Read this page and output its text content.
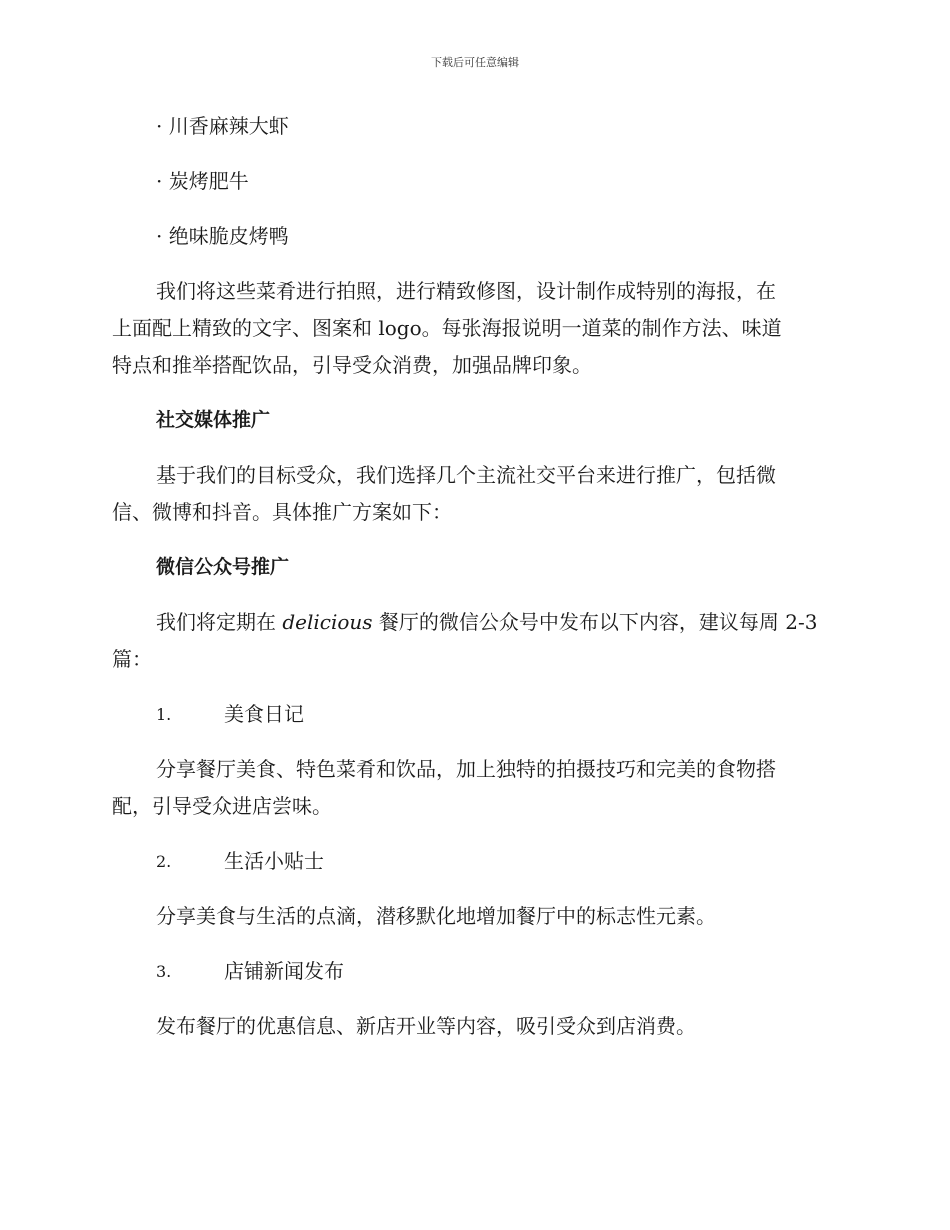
下载后可任意编辑
· 川香麻辣大虾
· 炭烤肥牛
· 绝味脆皮烤鸭
我们将这些菜肴进行拍照，进行精致修图，设计制作成特别的海报，在
上面配上精致的文字、图案和 logo。每张海报说明一道菜的制作方法、味道
特点和推举搭配饮品，引导受众消费，加强品牌印象。
社交媒体推广
基于我们的目标受众，我们选择几个主流社交平台来进行推广，包括微
信、微博和抖音。具体推广方案如下：
微信公众号推广
我们将定期在 delicious 餐厅的微信公众号中发布以下内容，建议每周 2-3
篇：
1.	美食日记
分享餐厅美食、特色菜肴和饮品，加上独特的拍摄技巧和完美的食物搭
配，引导受众进店尝味。
2.	生活小贴士
分享美食与生活的点滴，潜移默化地增加餐厅中的标志性元素。
3.	店铺新闻发布
发布餐厅的优惠信息、新店开业等内容，吸引受众到店消费。
